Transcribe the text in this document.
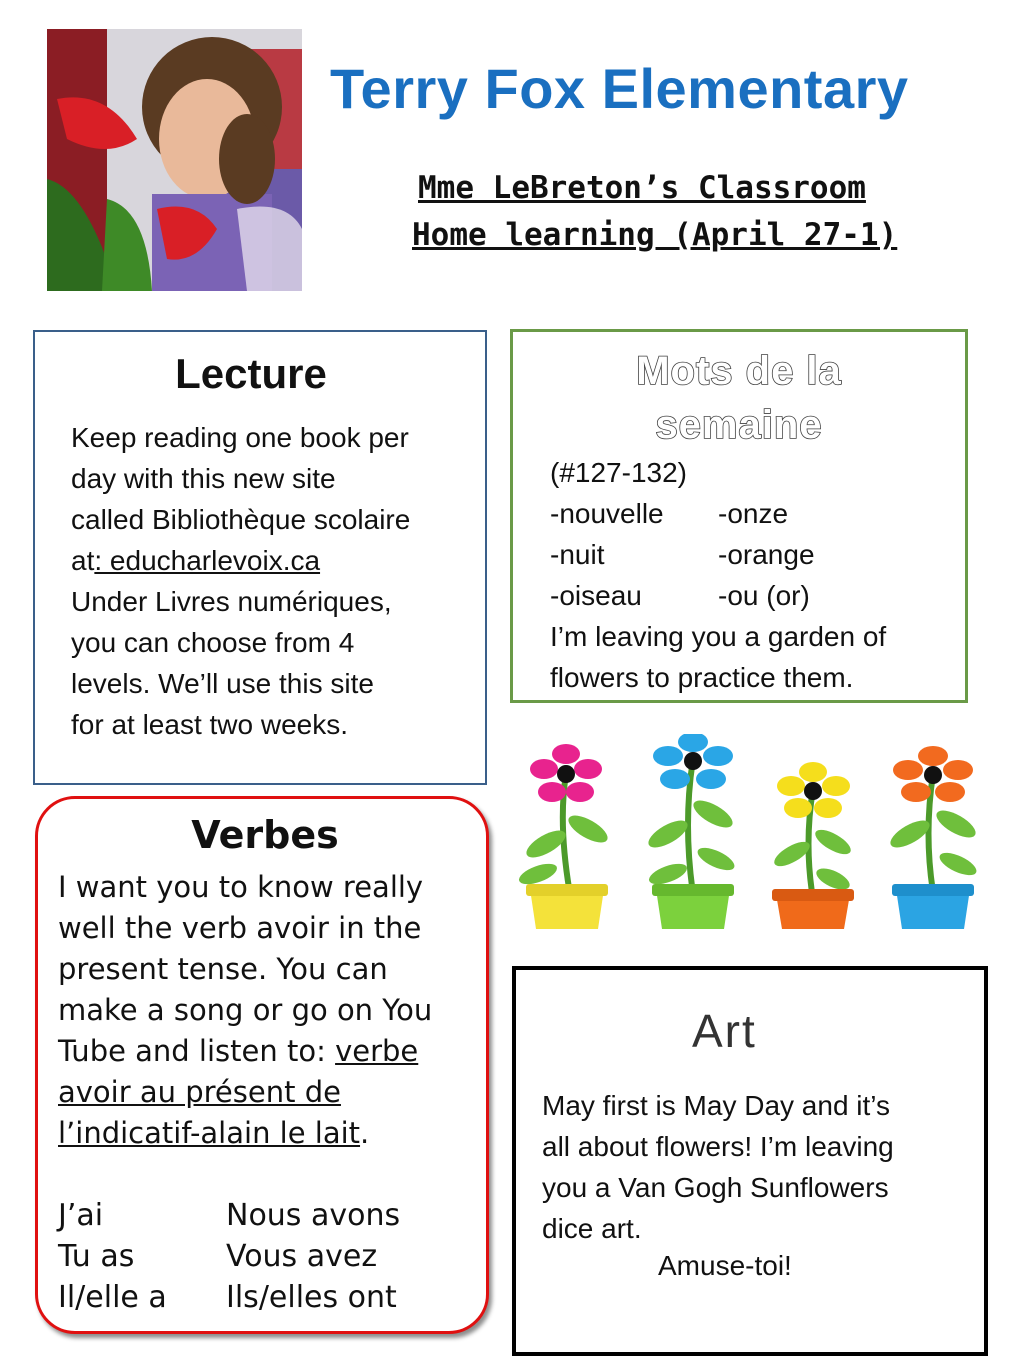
Terry Fox Elementary
Mme LeBreton’s Classroom
Home learning (April 27-1)
Lecture
Keep reading one book per
day with this new site
called Bibliothèque scolaire
at: educharlevoix.ca
Under Livres numériques,
you can choose from 4
levels. We’ll use this site
for at least two weeks.
Mots de la
semaine
(#127-132)
-nouvelle -onze
-nuit	-orange
-oiseau	-ou (or)
I’m leaving you a garden of
flowers to practice them.
Verbes
I want you to know really
well the verb avoir in the
present tense. You can
make a song or go on You
Tube and listen to: verbe
avoir au présent de
l’indicatif-alain le lait.
J’ai	Nous avons
Tu as	Vous avez
Il/elle a Ils/elles ont
Art
May first is May Day and it’s
all about flowers! I’m leaving
you a Van Gogh Sunflowers
dice art.
Amuse-toi!
